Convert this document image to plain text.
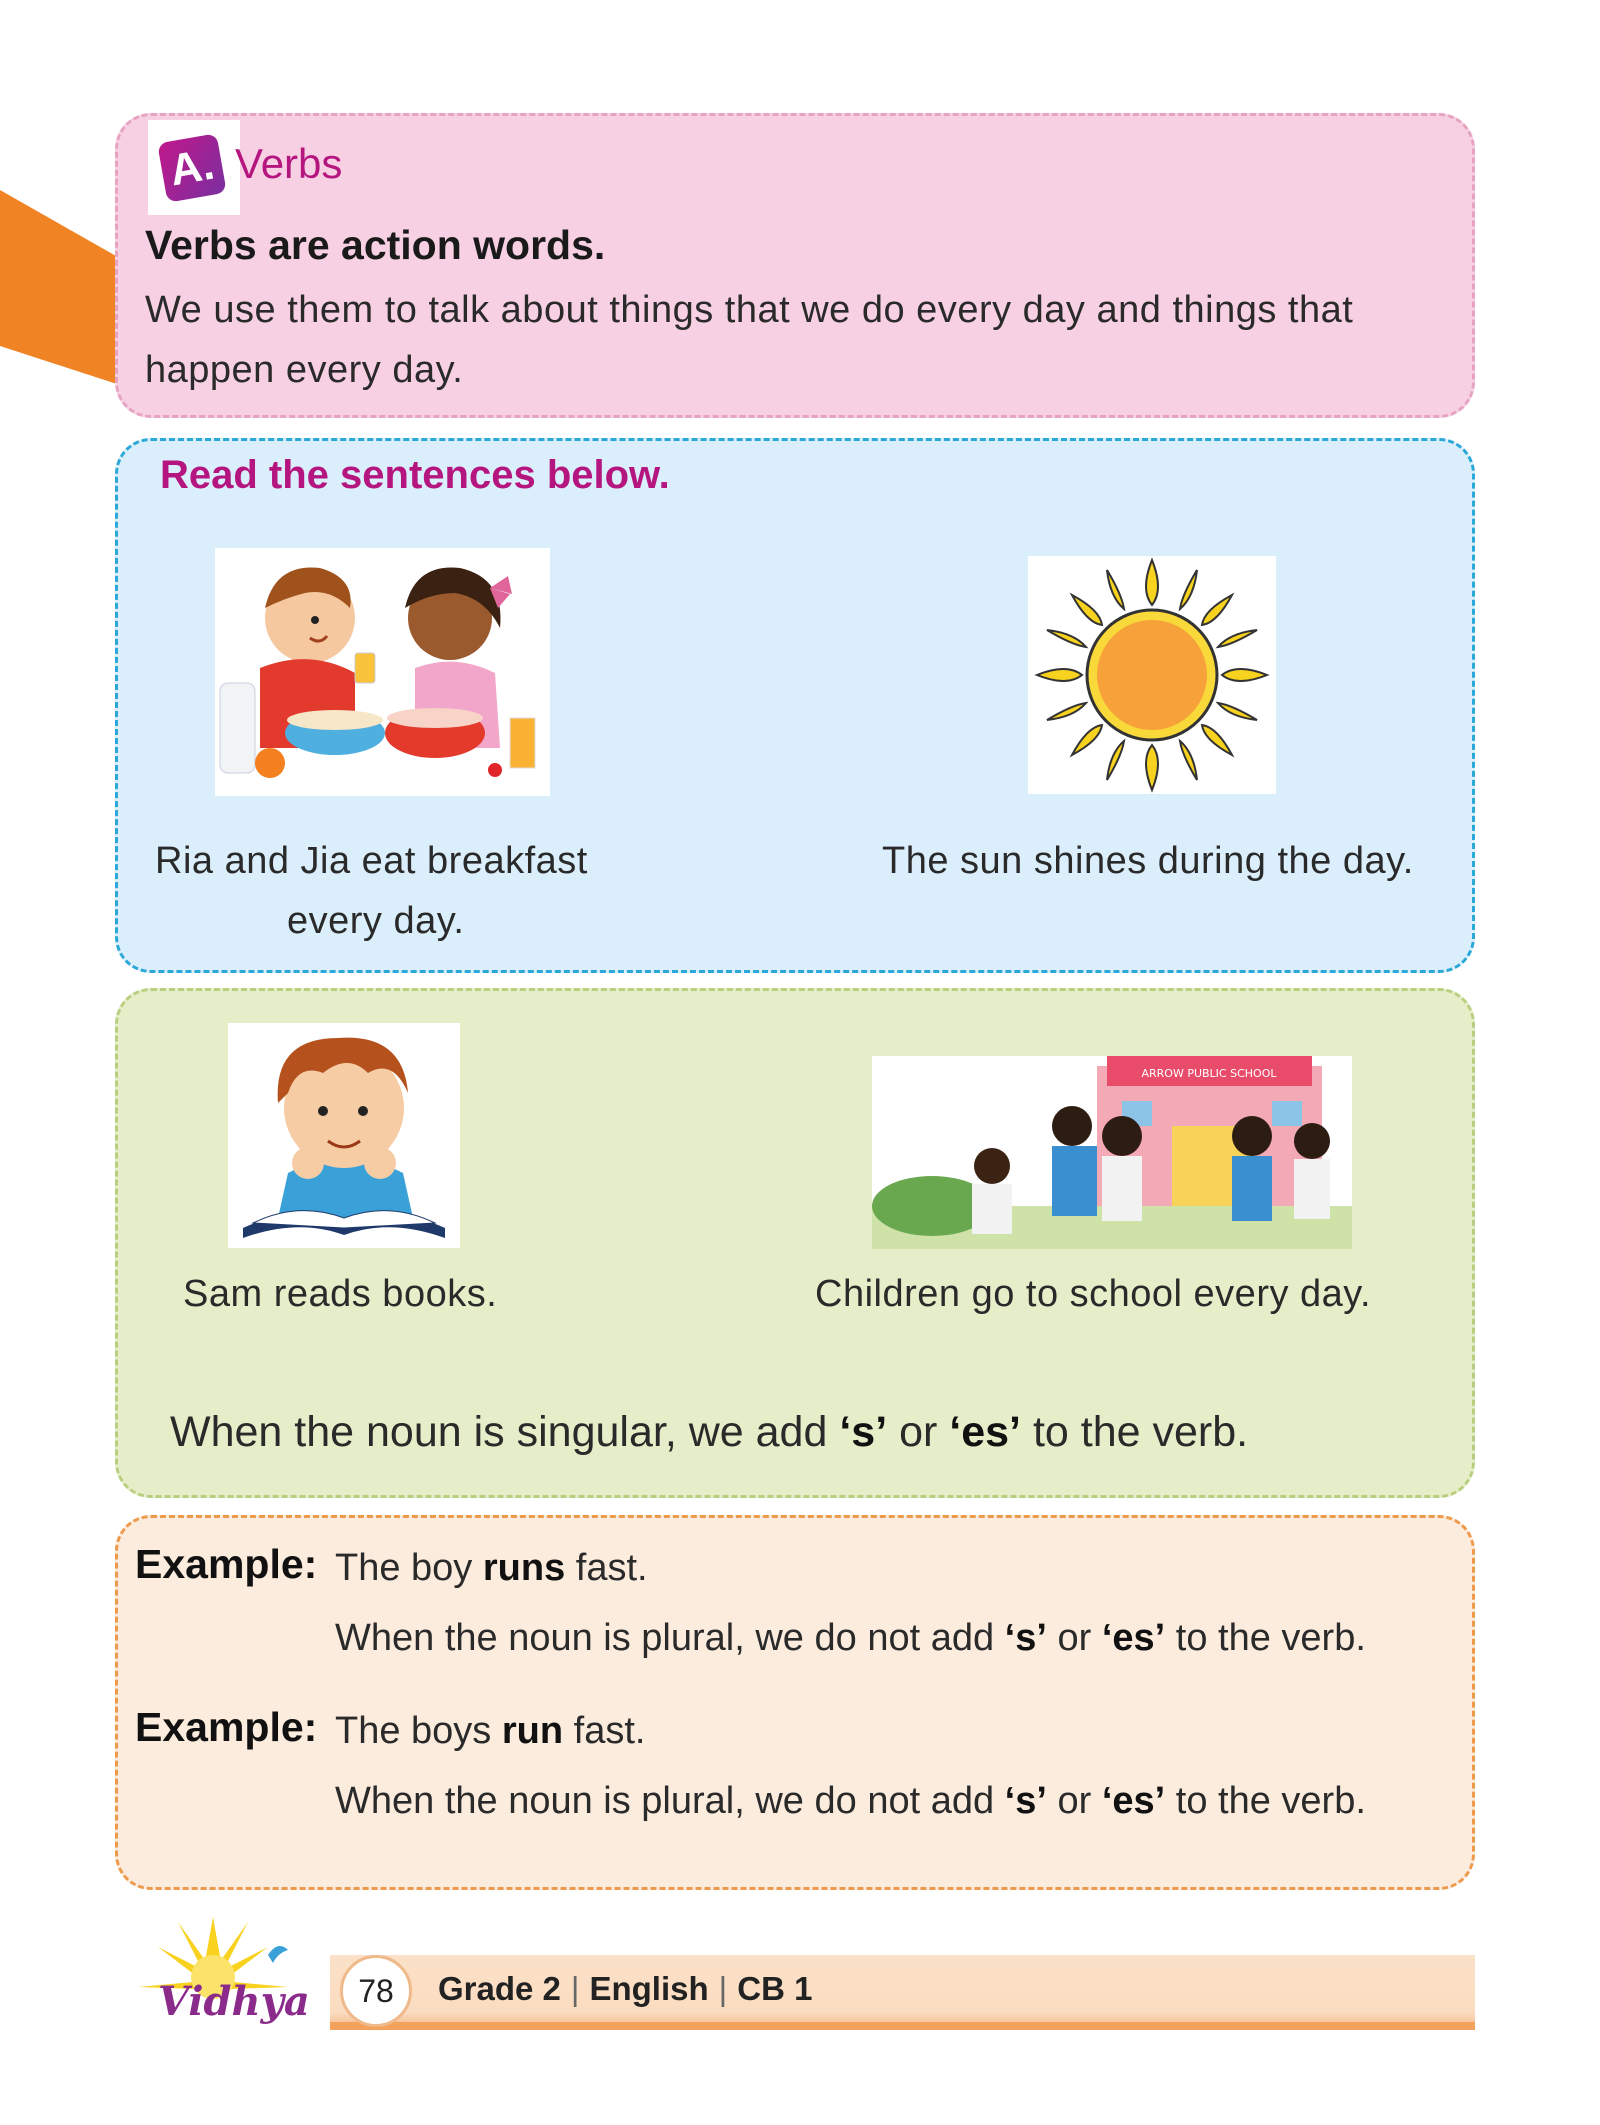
A. Verbs
Verbs are action words.
We use them to talk about things that we do every day and things that happen every day.
Read the sentences below.
Ria and Jia eat breakfast
every day.
The sun shines during the day.
Sam reads books.
ARROW PUBLIC SCHOOL
Children go to school every day.
When the noun is singular, we add ‘s’ or ‘es’ to the verb.
Example: The boy runs fast.
When the noun is plural, we do not add ‘s’ or ‘es’ to the verb.
Example: The boys run fast.
When the noun is plural, we do not add ‘s’ or ‘es’ to the verb.
Vidhya	78	Grade 2 | English | CB 1
